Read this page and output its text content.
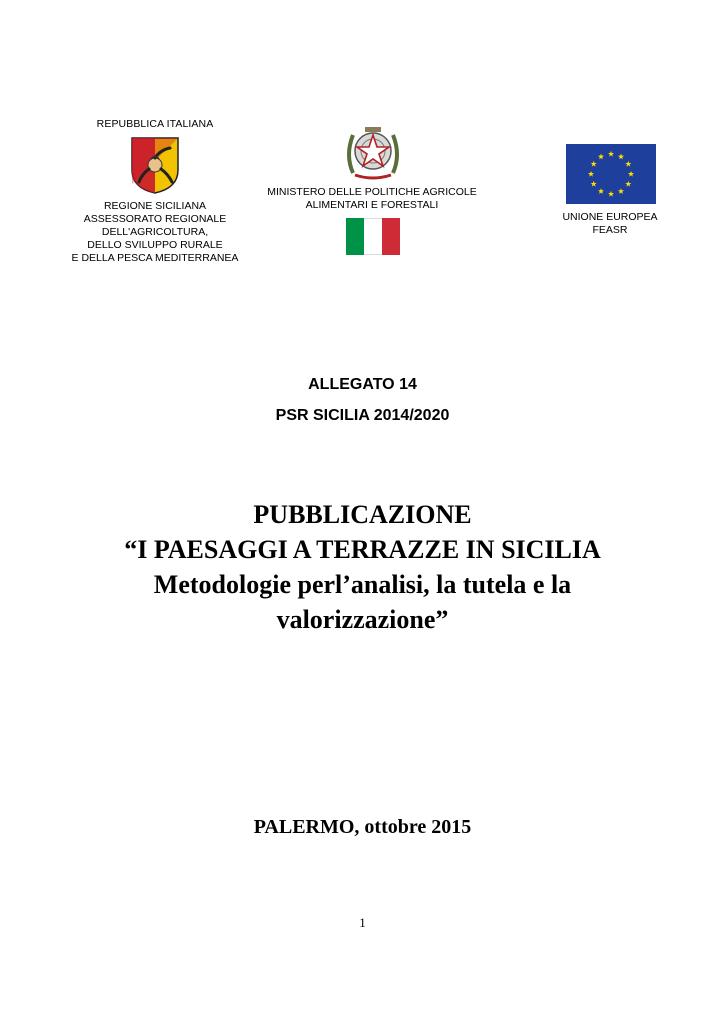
REPUBBLICA ITALIANA
REGIONE SICILIANA
ASSESSORATO REGIONALE
DELL'AGRICOLTURA,
DELLO SVILUPPO RURALE
E DELLA PESCA MEDITERRANEA
MINISTERO DELLE POLITICHE AGRICOLE
ALIMENTARI E FORESTALI
UNIONE EUROPEA
FEASR
ALLEGATO 14
PSR SICILIA 2014/2020
PUBBLICAZIONE
“I PAESAGGI A TERRAZZE IN SICILIA
Metodologie perl’analisi, la tutela e la
valorizzazione”
PALERMO, ottobre 2015
1
